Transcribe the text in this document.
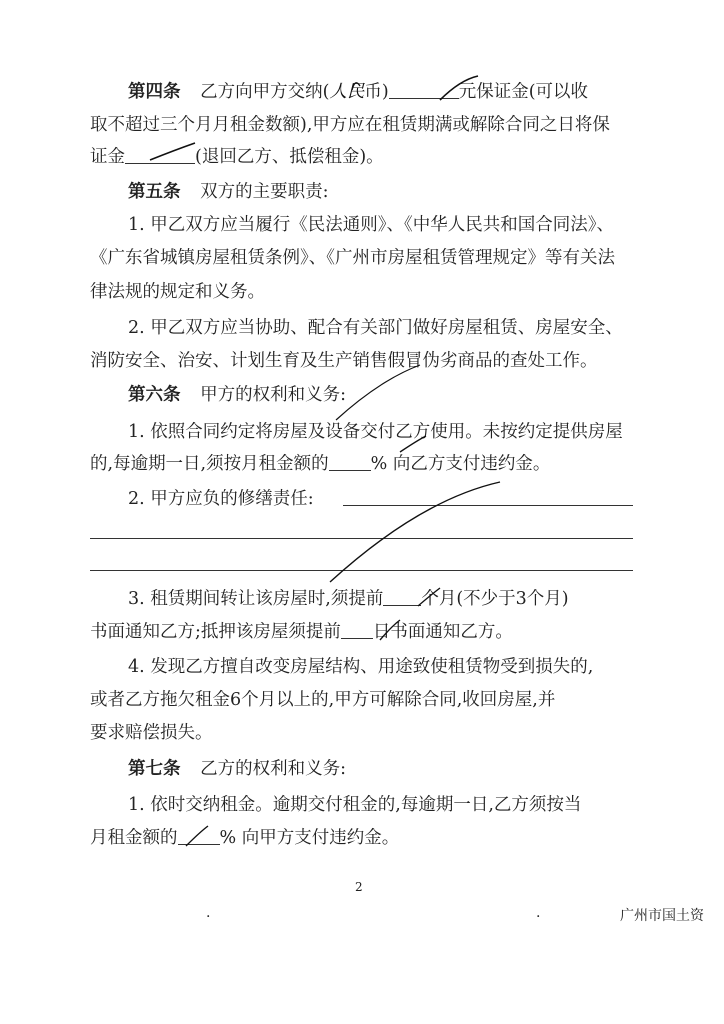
第四条 乙方向甲方交纳(人民币)	元保证金(可以收
取不超过三个月月租金数额),甲方应在租赁期满或解除合同之日将保
证金	(退回乙方、抵偿租金)。
第五条 双方的主要职责:
1. 甲乙双方应当履行《民法通则》、《中华人民共和国合同法》、
《广东省城镇房屋租赁条例》、《广州市房屋租赁管理规定》等有关法
律法规的规定和义务。
2. 甲乙双方应当协助、配合有关部门做好房屋租赁、房屋安全、
消防安全、治安、计划生育及生产销售假冒伪劣商品的查处工作。
第六条 甲方的权利和义务:
1. 依照合同约定将房屋及设备交付乙方使用。未按约定提供房屋
的,每逾期一日,须按月租金额的 % 向乙方支付违约金。
2. 甲方应负的修缮责任:
3. 租赁期间转让该房屋时,须提前 个月(不少于3个月)
书面通知乙方;抵押该房屋须提前 日书面通知乙方。
4. 发现乙方擅自改变房屋结构、用途致使租赁物受到损失的,
或者乙方拖欠租金6个月以上的,甲方可解除合同,收回房屋,并
要求赔偿损失。
第七条 乙方的权利和义务:
1. 依时交纳租金。逾期交付租金的,每逾期一日,乙方须按当
月租金额的 % 向甲方支付违约金。
2
.	.	广州市国土资
